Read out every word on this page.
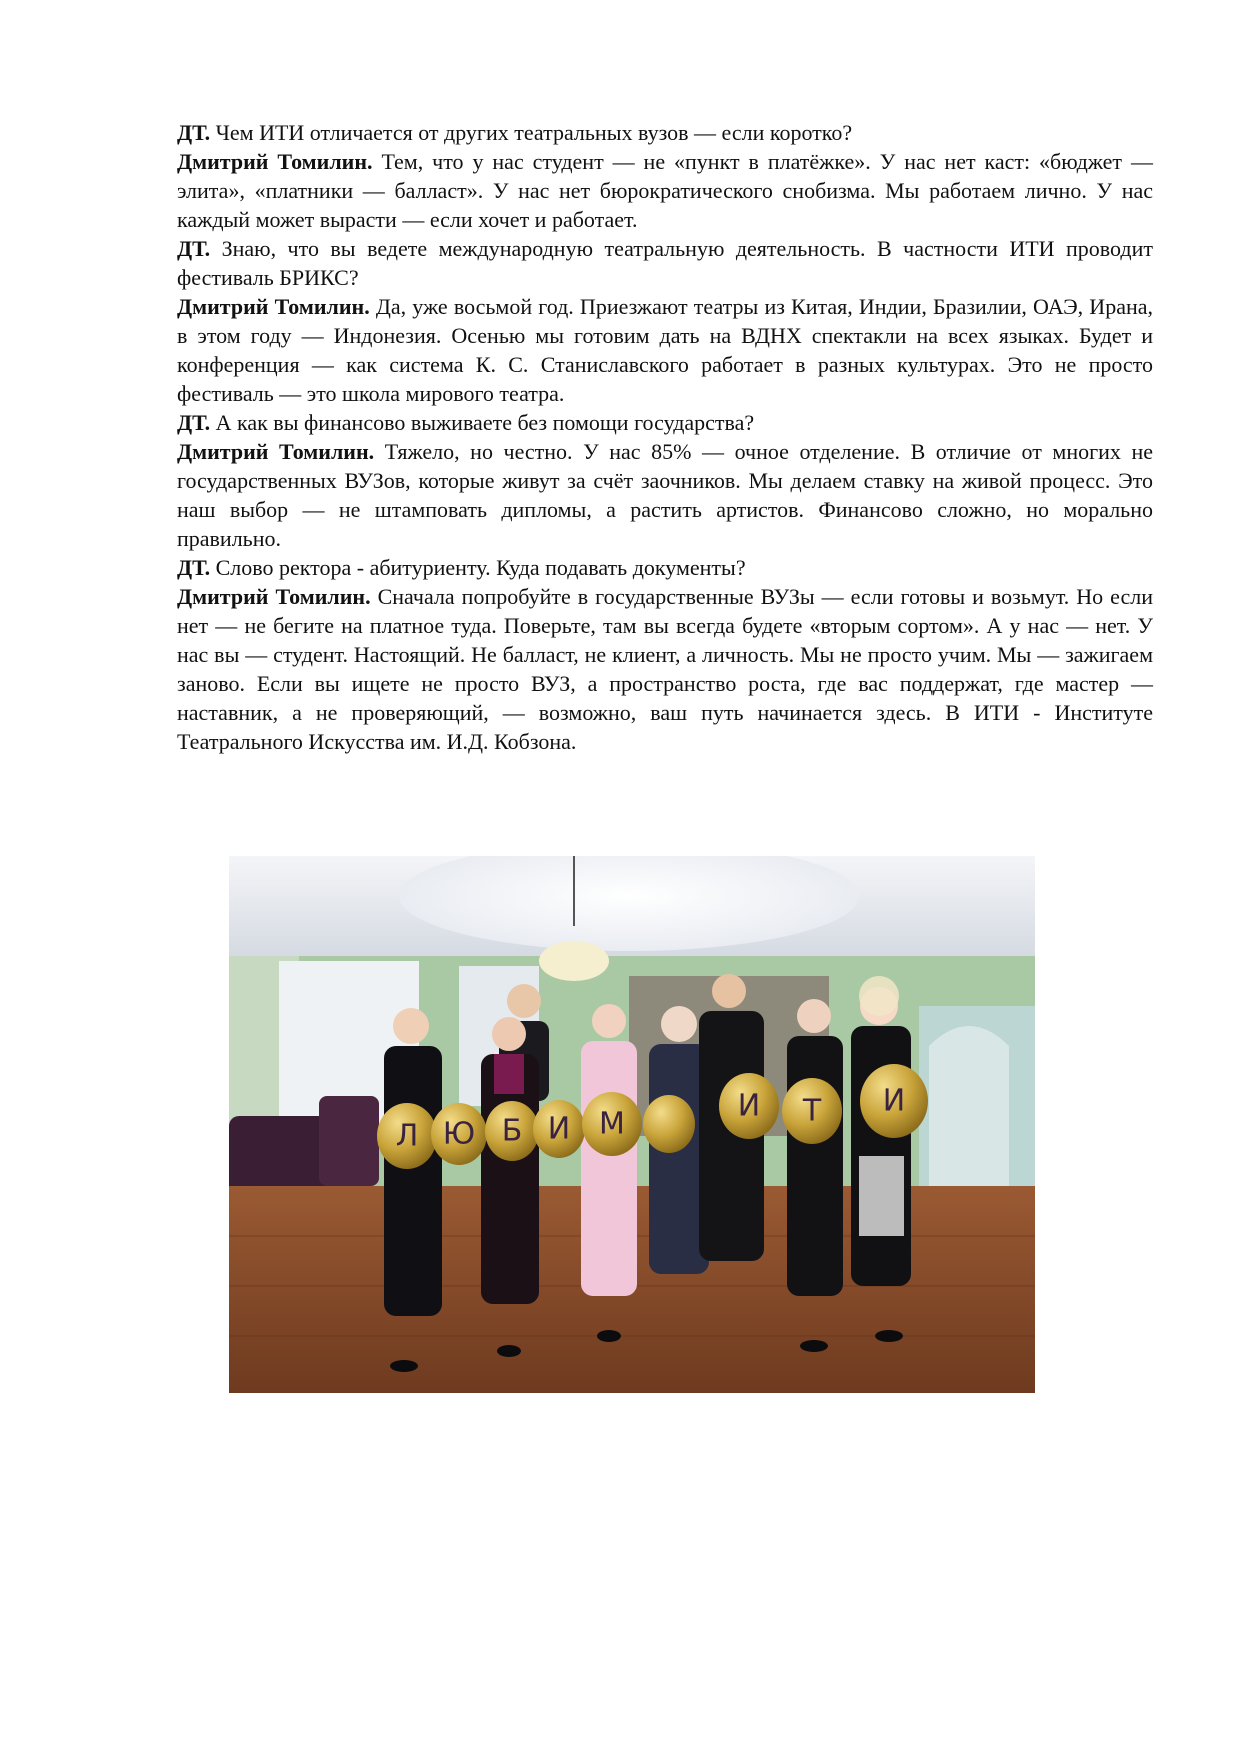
ДТ. Чем ИТИ отличается от других театральных вузов — если коротко?

Дмитрий Томилин. Тем, что у нас студент — не «пункт в платёжке». У нас нет каст: «бюджет — элита», «платники — балласт». У нас нет бюрократического снобизма. Мы работаем лично. У нас каждый может вырасти — если хочет и работает.

ДТ. Знаю, что вы ведете международную театральную деятельность. В частности ИТИ проводит фестиваль БРИКС?

Дмитрий Томилин. Да, уже восьмой год. Приезжают театры из Китая, Индии, Бразилии, ОАЭ, Ирана, в этом году — Индонезия. Осенью мы готовим дать на ВДНХ спектакли на всех языках. Будет и конференция — как система К. С. Станиславского работает в разных культурах. Это не просто фестиваль — это школа мирового театра.

ДТ. А как вы финансово выживаете без помощи государства?

Дмитрий Томилин. Тяжело, но честно. У нас 85% — очное отделение. В отличие от многих не государственных ВУЗов, которые живут за счёт заочников. Мы делаем ставку на живой процесс. Это наш выбор — не штамповать дипломы, а растить артистов. Финансово сложно, но морально правильно.

ДТ. Слово ректора - абитуриенту. Куда подавать документы?

Дмитрий Томилин. Сначала попробуйте в государственные ВУЗы — если готовы и возьмут. Но если нет — не бегите на платное туда. Поверьте, там вы всегда будете «вторым сортом». А у нас — нет. У нас вы — студент. Настоящий. Не балласт, не клиент, а личность. Мы не просто учим. Мы — зажигаем заново. Если вы ищете не просто ВУЗ, а пространство роста, где вас поддержат, где мастер — наставник, а не проверяющий, — возможно, ваш путь начинается здесь. В ИТИ - Институте Театрального Искусства им. И.Д. Кобзона.

Л Ю Б И М
И Т И
